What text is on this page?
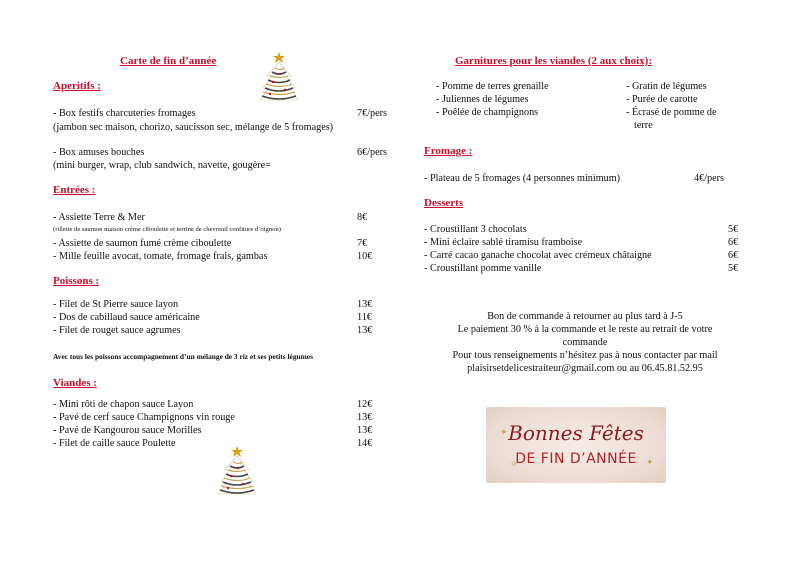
Carte de fin d’année
Aperitifs :
- Box festifs charcuteries fromages	7€/pers
(jambon sec maison, chorizo, saucisson sec, mélange de 5 fromages)
- Box amuses bouches	6€/pers
(mini burger, wrap, club sandwich, navette, gougère=
Entrées :
- Assiette Terre & Mer	8€
(rillette de saumon maison crème ciboulette et terrine de chevreuil confiture d’oignon)
- Assiette de saumon fumé crème ciboulette	7€
- Mille feuille avocat, tomate, fromage frais, gambas	10€
Poissons :
- Filet de St Pierre sauce layon	13€
- Dos de cabillaud sauce américaine	11€
- Filet de rouget sauce agrumes	13€
Avec tous les poissons accompagnement d’un mélange de 3 riz et ses petits légumes
Viandes :
- Mini rôti de chapon sauce Layon	12€
- Pavé de cerf sauce Champignons vin rouge	13€
- Pavé de Kangourou sauce Morilles	13€
- Filet de caille sauce Poulette	14€
Garnitures pour les viandes (2 aux choix):
- Pomme de terres grenaille
- Juliennes de légumes
- Poêlée de champignons
- Gratin de légumes
- Purée de carotte
- Écrasé de pomme de
terre
Fromage :
- Plateau de 5 fromages (4 personnes minimum)	4€/pers
Desserts
- Croustillant 3 chocolats	5€
- Mini éclaire sablé tiramisu framboise	6€
- Carré cacao ganache chocolat avec crémeux châtaigne	6€
- Croustillant pomme vanille	5€
Bon de commande à retourner au plus tard à J-5
Le paiement 30 % à la commande et le reste au retrait de votre
commande
Pour tous renseignements n’hésitez pas à nous contacter par mail
plaisirsetdelicestraiteur@gmail.com ou au 06.45.81.52.95
✦
✦
✧
Bonnes Fêtes
DE FIN D’ANNÉE
